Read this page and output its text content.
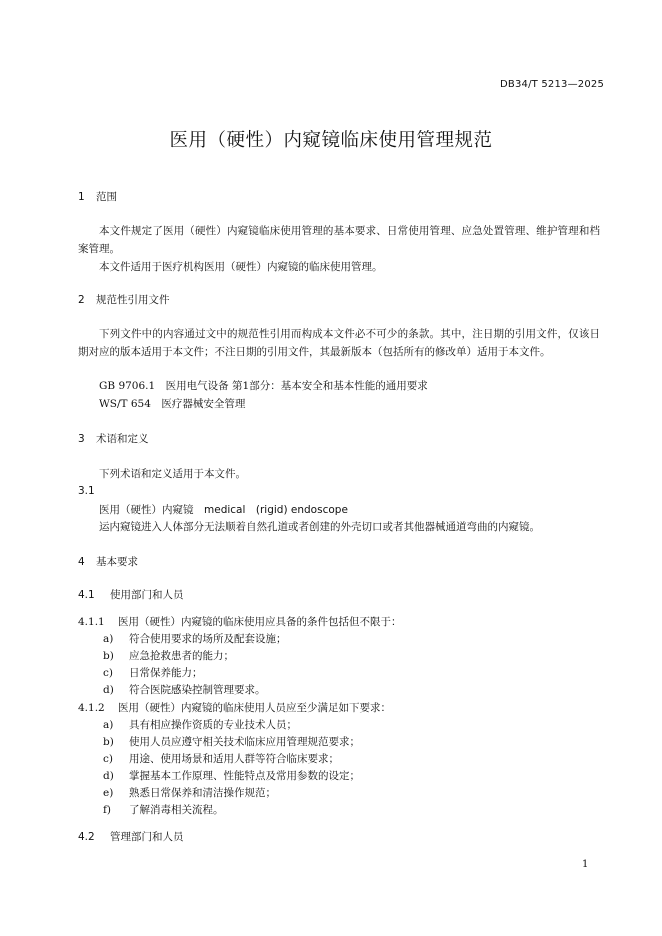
DB34/T 5213—2025
医用（硬性）内窥镜临床使用管理规范
1 范围
本文件规定了医用（硬性）内窥镜临床使用管理的基本要求、日常使用管理、应急处置管理、维护管理和档案管理。
本文件适用于医疗机构医用（硬性）内窥镜的临床使用管理。
2 规范性引用文件
下列文件中的内容通过文中的规范性引用而构成本文件必不可少的条款。其中，注日期的引用文件，仅该日期对应的版本适用于本文件；不注日期的引用文件，其最新版本（包括所有的修改单）适用于本文件。
GB 9706.1　医用电气设备 第1部分：基本安全和基本性能的通用要求
WS/T 654　医疗器械安全管理
3 术语和定义
下列术语和定义适用于本文件。
3.1
医用（硬性）内窥镜　medical　(rigid) endoscope
运内窥镜进入人体部分无法顺着自然孔道或者创建的外壳切口或者其他器械通道弯曲的内窥镜。
4 基本要求
4.1 使用部门和人员
4.1.1 医用（硬性）内窥镜的临床使用应具备的条件包括但不限于：
a) 符合使用要求的场所及配套设施；
b) 应急抢救患者的能力；
c) 日常保养能力；
d) 符合医院感染控制管理要求。
4.1.2 医用（硬性）内窥镜的临床使用人员应至少满足如下要求：
a) 具有相应操作资质的专业技术人员；
b) 使用人员应遵守相关技术临床应用管理规范要求；
c) 用途、使用场景和适用人群等符合临床要求；
d) 掌握基本工作原理、性能特点及常用参数的设定；
e) 熟悉日常保养和清洁操作规范；
f) 了解消毒相关流程。
4.2 管理部门和人员
1
